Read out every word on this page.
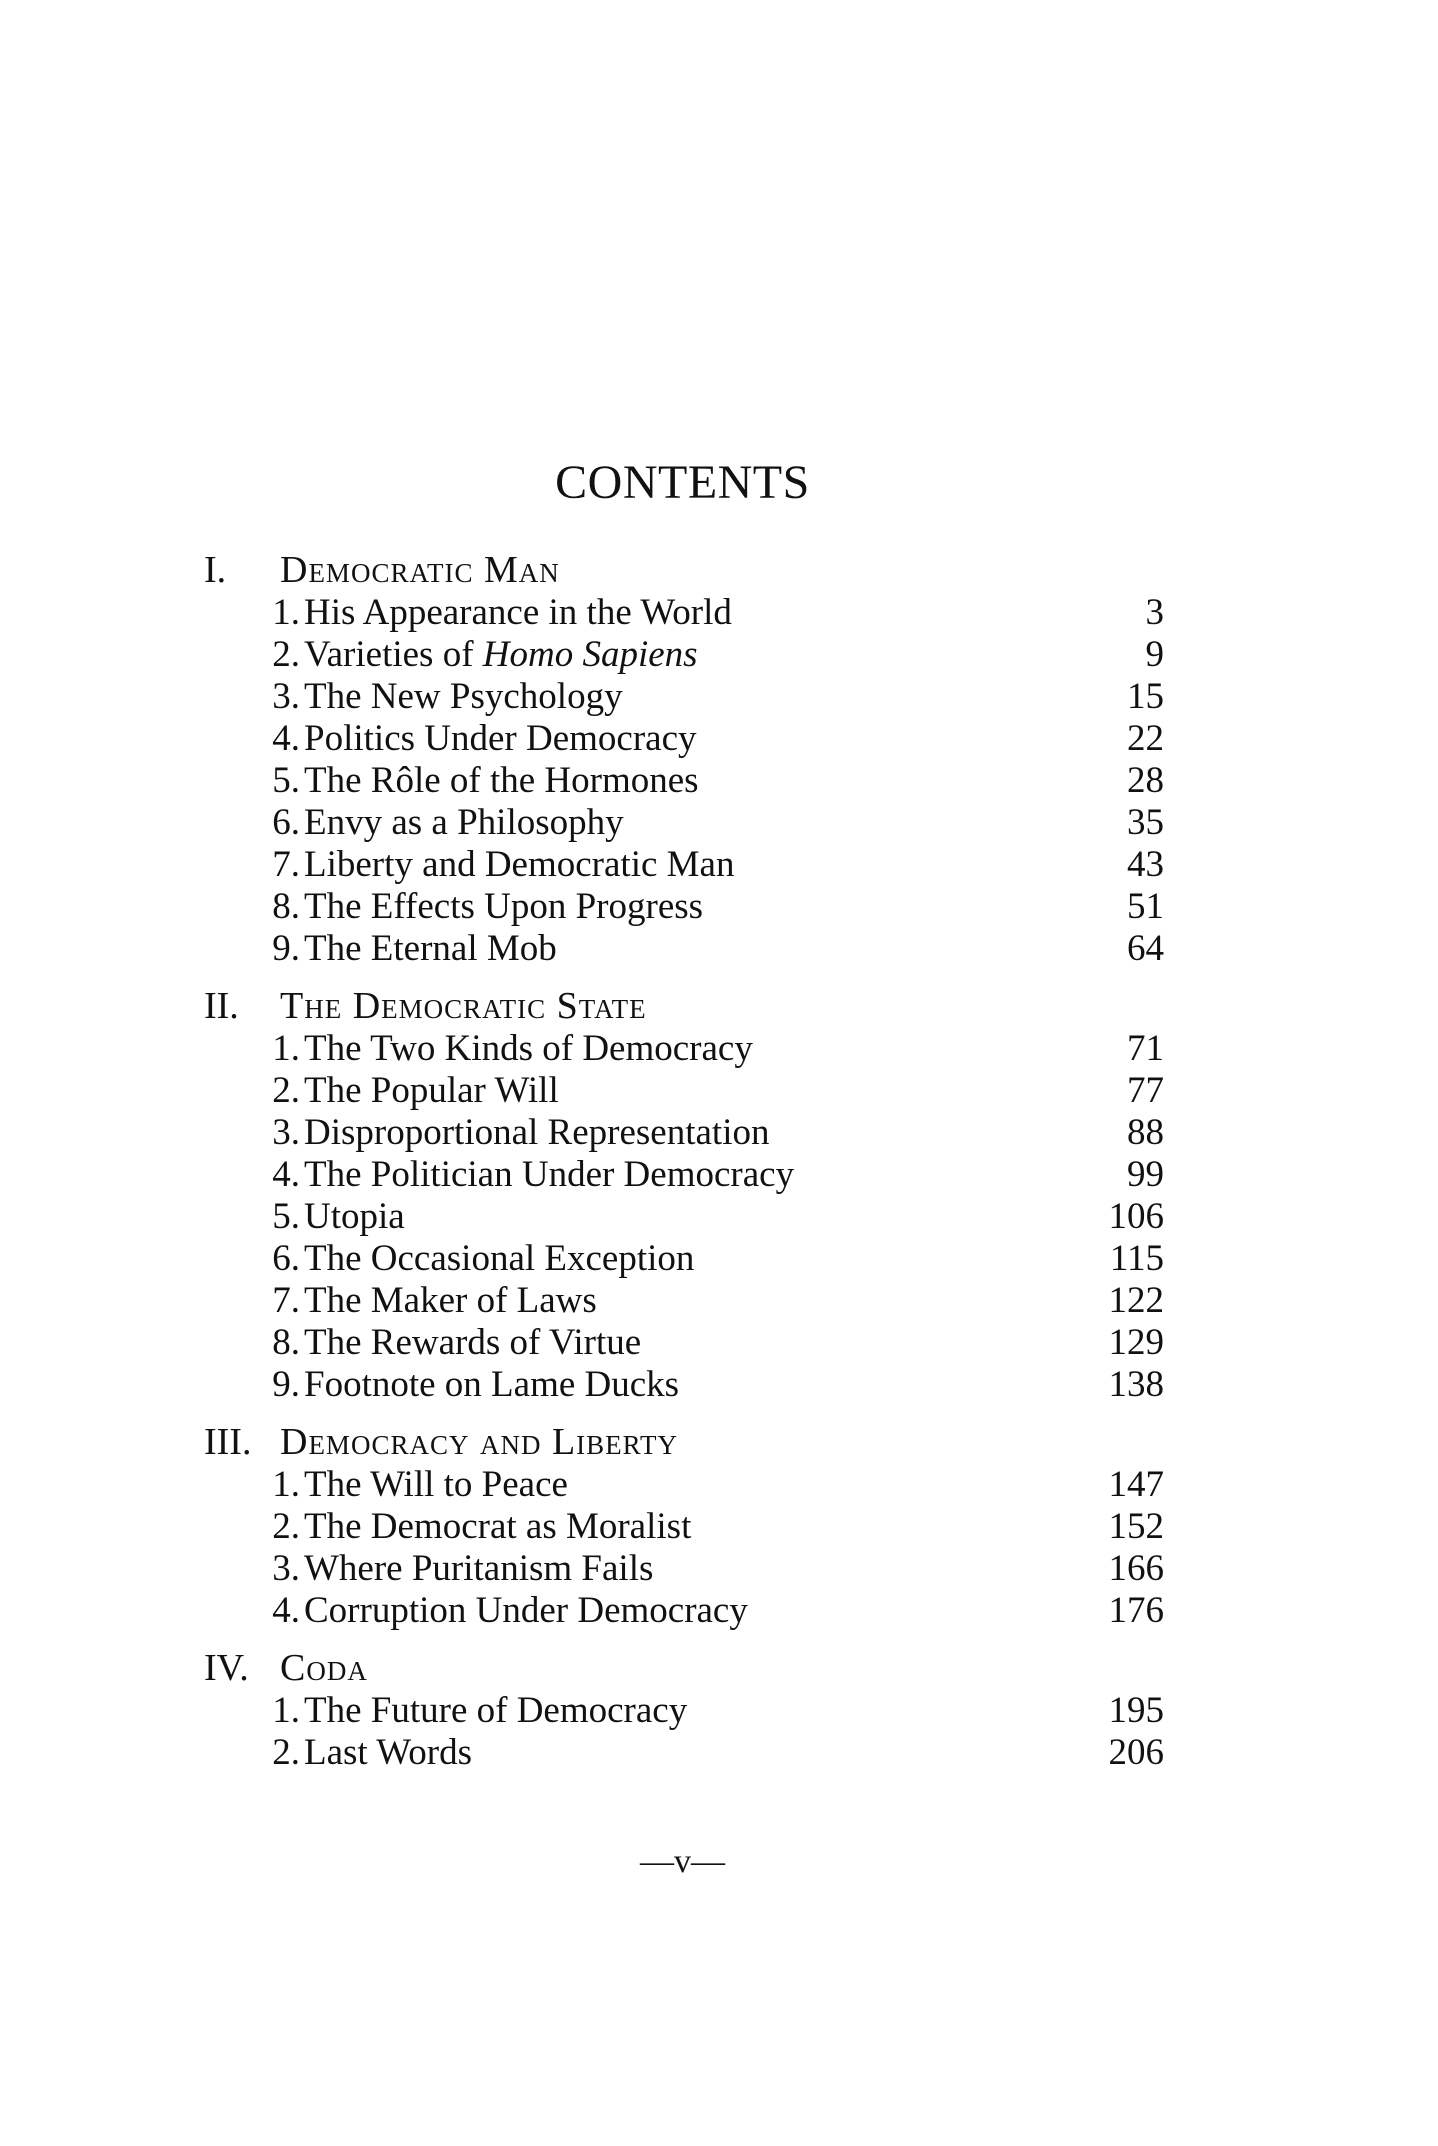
CONTENTS
I. Democratic Man
1. His Appearance in the World	3
2. Varieties of Homo Sapiens	9
3. The New Psychology	15
4. Politics Under Democracy	22
5. The Rôle of the Hormones	28
6. Envy as a Philosophy	35
7. Liberty and Democratic Man	43
8. The Effects Upon Progress	51
9. The Eternal Mob	64
II. The Democratic State
1. The Two Kinds of Democracy	71
2. The Popular Will	77
3. Disproportional Representation	88
4. The Politician Under Democracy	99
5. Utopia	106
6. The Occasional Exception	115
7. The Maker of Laws	122
8. The Rewards of Virtue	129
9. Footnote on Lame Ducks	138
III. Democracy and Liberty
1. The Will to Peace	147
2. The Democrat as Moralist	152
3. Where Puritanism Fails	166
4. Corruption Under Democracy	176
IV. Coda
1. The Future of Democracy	195
2. Last Words	206
—v—
